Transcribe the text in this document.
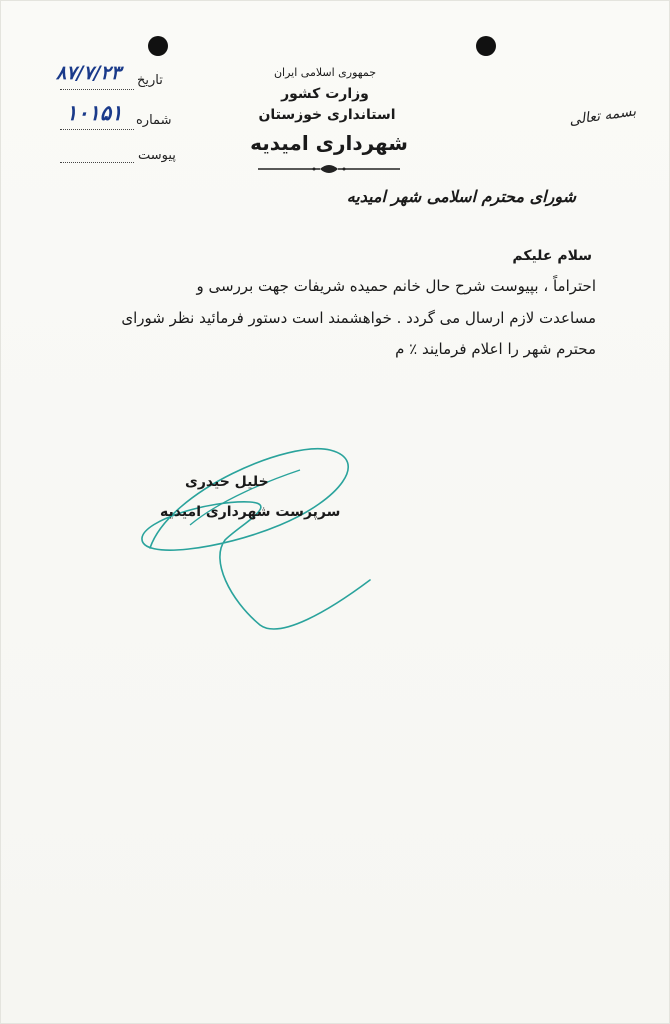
بسمه تعالی
جمهوری اسلامی ایران
وزارت کشور
استانداری خوزستان
شهرداری امیدیه
تاریخ
۸۷/۷/۲۳
شماره
۱۰۱۵۱
پیوست
شورای محترم اسلامی شهر امیدیه
سلام علیکم
احتراماً ، بپیوست شرح حال خانم حمیده شریفات جهت بررسی و
مساعدت لازم ارسال می گردد . خواهشمند است دستور فرمائید نظر شورای
محترم شهر را اعلام فرمایند ٪ م
خلیل حیدری
سرپرست شهرداری امیدیه
